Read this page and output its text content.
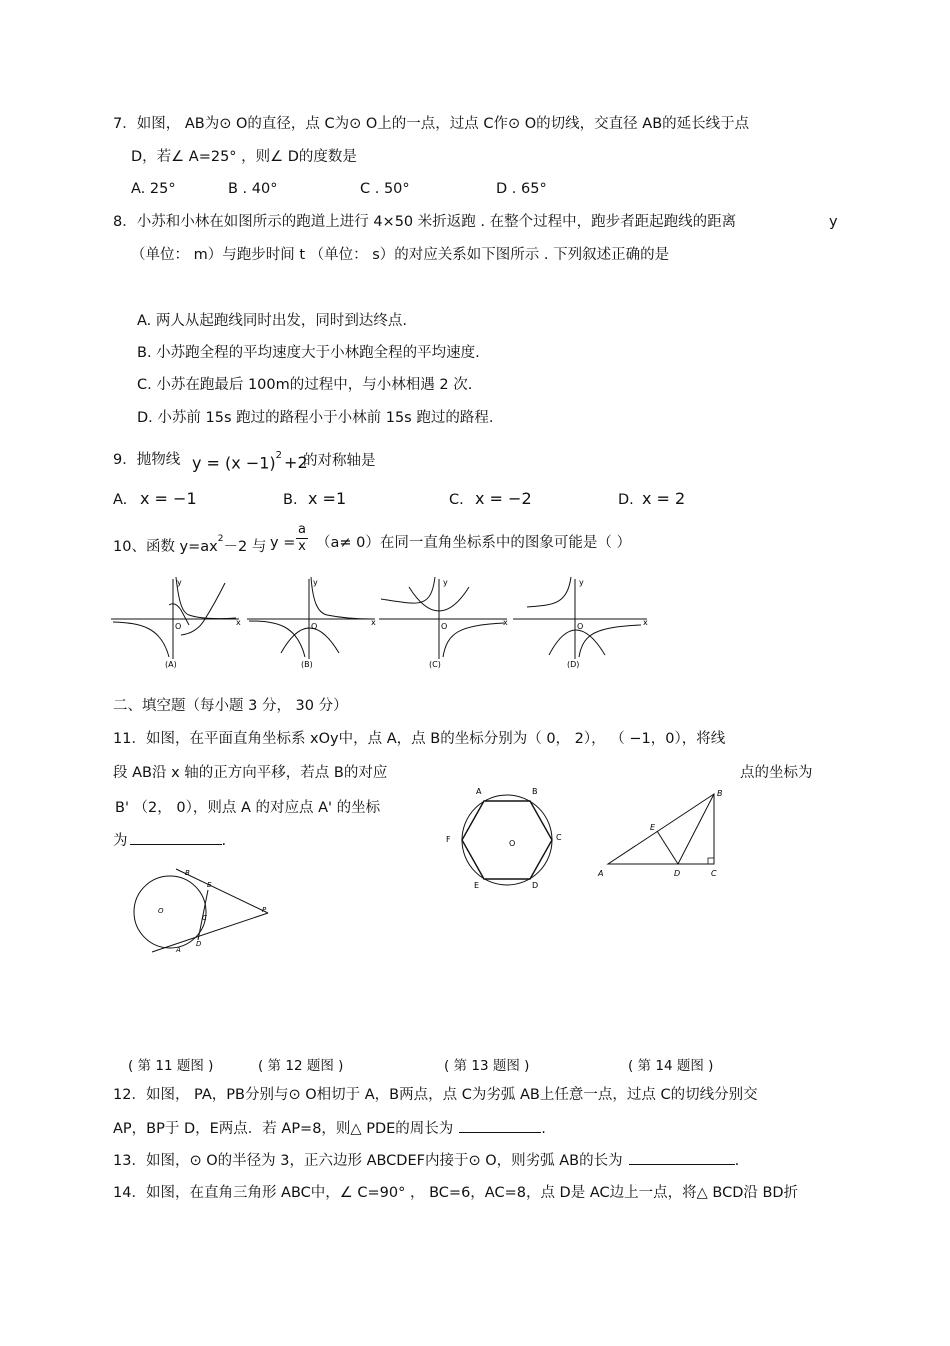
7．如图， AB为⊙ O的直径，点 C为⊙ O上的一点，过点 C作⊙ O的切线，交直径 AB的延长线于点
D，若∠ A=25° ，则∠ D的度数是
A. 25°	B . 40°	C . 50°	D . 65°
8．小苏和小林在如图所示的跑道上进行 4×50 米折返跑 . 在整个过程中，跑步者距起跑线的距离	y
（单位： m）与跑步时间 t （单位： s）的对应关系如下图所示 . 下列叙述正确的是
A. 两人从起跑线同时出发，同时到达终点.
B. 小苏跑全程的平均速度大于小林跑全程的平均速度.
C. 小苏在跑最后 100m的过程中，与小林相遇 2 次.
D. 小苏前 15s 跑过的路程小于小林前 15s 跑过的路程.
9．抛物线 $y = (x -1)^2 +2$
的对称轴是
A. x = −1	B. x =1	C. x = −2	D. x = 2
10、函数 $y=ax^2-2$ 与 $y = \frac{a}{x} (a\ne 0)$在同一直角坐标系中的图象可能是（ ）
y
x
O
(A)
y
x
O
(B)
y
x
O
(C)
y
x
O
(D)
二、填空题（每小题 3 分， 30 分）
11．如图，在平面直角坐标系 xOy中，点 A，点 B的坐标分别为（ 0， 2）， （ −1，0），将线
段 AB沿 x 轴的正方向平移，若点 B的对应	点的坐标为
B' （2， 0），则点 A 的对应点 A' 的坐标
为	.
B
E
O
C
P
D
A
A	B
C
D
E
F	O
B
E
A	D	C
( 第 11 题图 )	( 第 12 题图 )	( 第 13 题图 )	( 第 14 题图 )
12．如图， PA，PB分别与⊙ O相切于 A，B两点，点 C为劣弧 AB上任意一点，过点 C的切线分别交
AP，BP于 D，E两点．若 AP=8，则△ PDE的周长为	.
13．如图，⊙ O的半径为 3，正六边形 ABCDEF内接于⊙ O，则劣弧 AB的长为	.
14．如图，在直角三角形 ABC中，∠ C=90° ， BC=6，AC=8，点 D是 AC边上一点，将△ BCD沿 BD折
